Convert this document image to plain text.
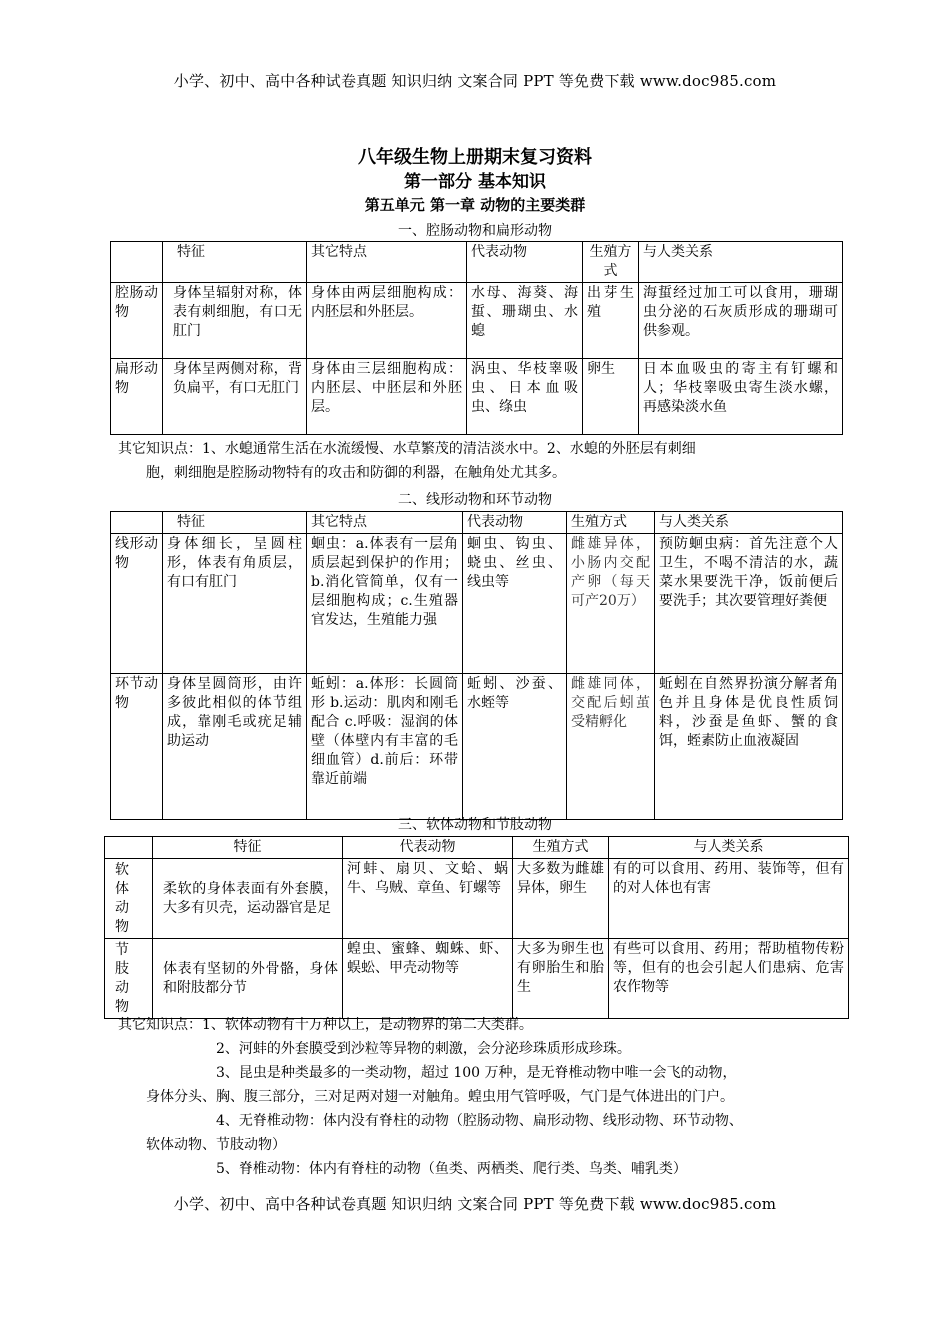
小学、初中、高中各种试卷真题 知识归纳 文案合同 PPT 等免费下载 www.doc985.com

八年级生物上册期末复习资料

第一部分 基本知识

第五单元 第一章 动物的主要类群

一、腔肠动物和扁形动物
	特征	其它特点	代表动物	生殖方式	与人类关系
腔肠动物	身体呈辐射对称，体表有刺细胞，有口无肛门	身体由两层细胞构成：内胚层和外胚层。	水母、海葵、海蜇、珊瑚虫、水螅	出芽生殖	海蜇经过加工可以食用，珊瑚虫分泌的石灰质形成的珊瑚可供参观。
扁形动物	身体呈两侧对称，背负扁平，有口无肛门	身体由三层细胞构成：内胚层、中胚层和外胚层。	涡虫、华枝睾吸虫、日本血吸虫、绦虫	卵生	日本血吸虫的寄主有钉螺和人；华枝睾吸虫寄生淡水螺，再感染淡水鱼
其它知识点：1、水螅通常生活在水流缓慢、水草繁茂的清洁淡水中。2、水螅的外胚层有刺细
胞，刺细胞是腔肠动物特有的攻击和防御的利器，在触角处尤其多。
二、线形动物和环节动物
	特征	其它特点	代表动物	生殖方式	与人类关系
线形动物	身体细长，呈圆柱形，体表有角质层，有口有肛门	蛔虫：a.体表有一层角质层起到保护的作用；b.消化管简单，仅有一层细胞构成；c.生殖器官发达，生殖能力强	蛔虫、钩虫、蛲虫、丝虫、线虫等	雌雄异体，小肠内交配产卵（每天可产20万）	预防蛔虫病：首先注意个人卫生，不喝不清洁的水，蔬菜水果要洗干净，饭前便后要洗手；其次要管理好粪便
环节动物	身体呈圆筒形，由许多彼此相似的体节组成，靠刚毛或疣足辅助运动	蚯蚓：a.体形：长圆筒形 b.运动：肌肉和刚毛配合 c.呼吸：湿润的体壁（体壁内有丰富的毛细血管）d.前后：环带靠近前端	蚯蚓、沙蚕、水蛭等	雌雄同体，交配后蚓茧受精孵化	蚯蚓在自然界扮演分解者角色并且身体是优良性质饲料，沙蚕是鱼虾、蟹的食饵，蛭素防止血液凝固
三、软体动物和节肢动物
	特征	代表动物	生殖方式	与人类关系
软体动物	柔软的身体表面有外套膜，大多有贝壳，运动器官是足	河蚌、扇贝、文蛤、蜗牛、乌贼、章鱼、钉螺等	大多数为雌雄异体，卵生	有的可以食用、药用、装饰等，但有的对人体也有害
节肢动物	体表有坚韧的外骨骼，身体和附肢都分节	蝗虫、蜜蜂、蜘蛛、虾、蜈蚣、甲壳动物等	大多为卵生也有卵胎生和胎生	有些可以食用、药用；帮助植物传粉等，但有的也会引起人们患病、危害农作物等
其它知识点：1、软体动物有十万种以上，是动物界的第二大类群。
2、河蚌的外套膜受到沙粒等异物的刺激，会分泌珍珠质形成珍珠。
3、昆虫是种类最多的一类动物，超过 100 万种，是无脊椎动物中唯一会飞的动物，
身体分头、胸、腹三部分，三对足两对翅一对触角。蝗虫用气管呼吸，气门是气体进出的门户。
4、无脊椎动物：体内没有脊柱的动物（腔肠动物、扁形动物、线形动物、环节动物、
软体动物、节肢动物）
5、脊椎动物：体内有脊柱的动物（鱼类、两栖类、爬行类、鸟类、哺乳类）
小学、初中、高中各种试卷真题 知识归纳 文案合同 PPT 等免费下载 www.doc985.com
